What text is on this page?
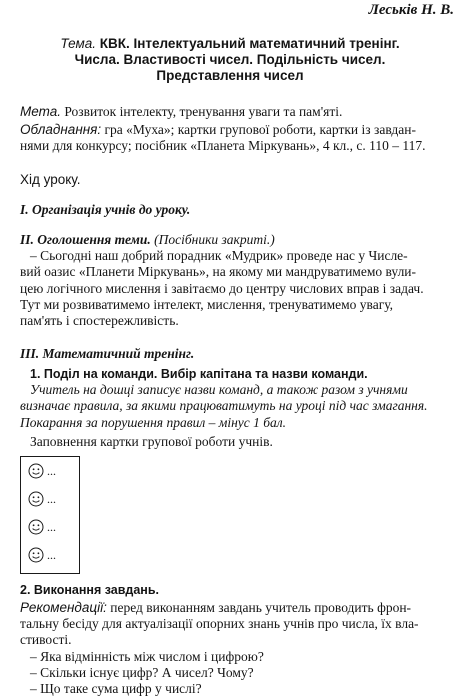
Леськів Н. В.
Тема. КВК. Інтелектуальний математичний тренінг.
Числа. Властивості чисел. Подільність чисел.
Представлення чисел
Мета. Розвиток інтелекту, тренування уваги та пам'яті.
Обладнання: гра «Муха»; картки групової роботи, картки із завдан-
нями для конкурсу; посібник «Планета Міркувань», 4 кл., с. 110 – 117.
Хід уроку.
I. Організація учнів до уроку.
II. Оголошення теми. (Посібники закриті.)
– Сьогодні наш добрий порадник «Мудрик» проведе нас у Числе-
вий оазис «Планети Міркувань», на якому ми мандруватимемо вули-
цею логічного мислення і завітаємо до центру числових вправ і задач.
Тут ми розвиватимемо інтелект, мислення, тренуватимемо увагу,
пам'ять і спостережливість.
III. Математичний тренінг.
1. Поділ на команди. Вибір капітана та назви команди.
Учитель на дошці записує назви команд, а також разом з учнями
визначає правила, за якими працюватимуть на уроці під час змагання.
Покарання за порушення правил – мінус 1 бал.
Заповнення картки групової роботи учнів.
...
...
...
...
2. Виконання завдань.
Рекомендації: перед виконанням завдань учитель проводить фрон-
тальну бесіду для актуалізації опорних знань учнів про числа, їх вла-
стивості.
– Яка відмінність між числом і цифрою?
– Скільки існує цифр? А чисел? Чому?
– Що таке сума цифр у числі?
